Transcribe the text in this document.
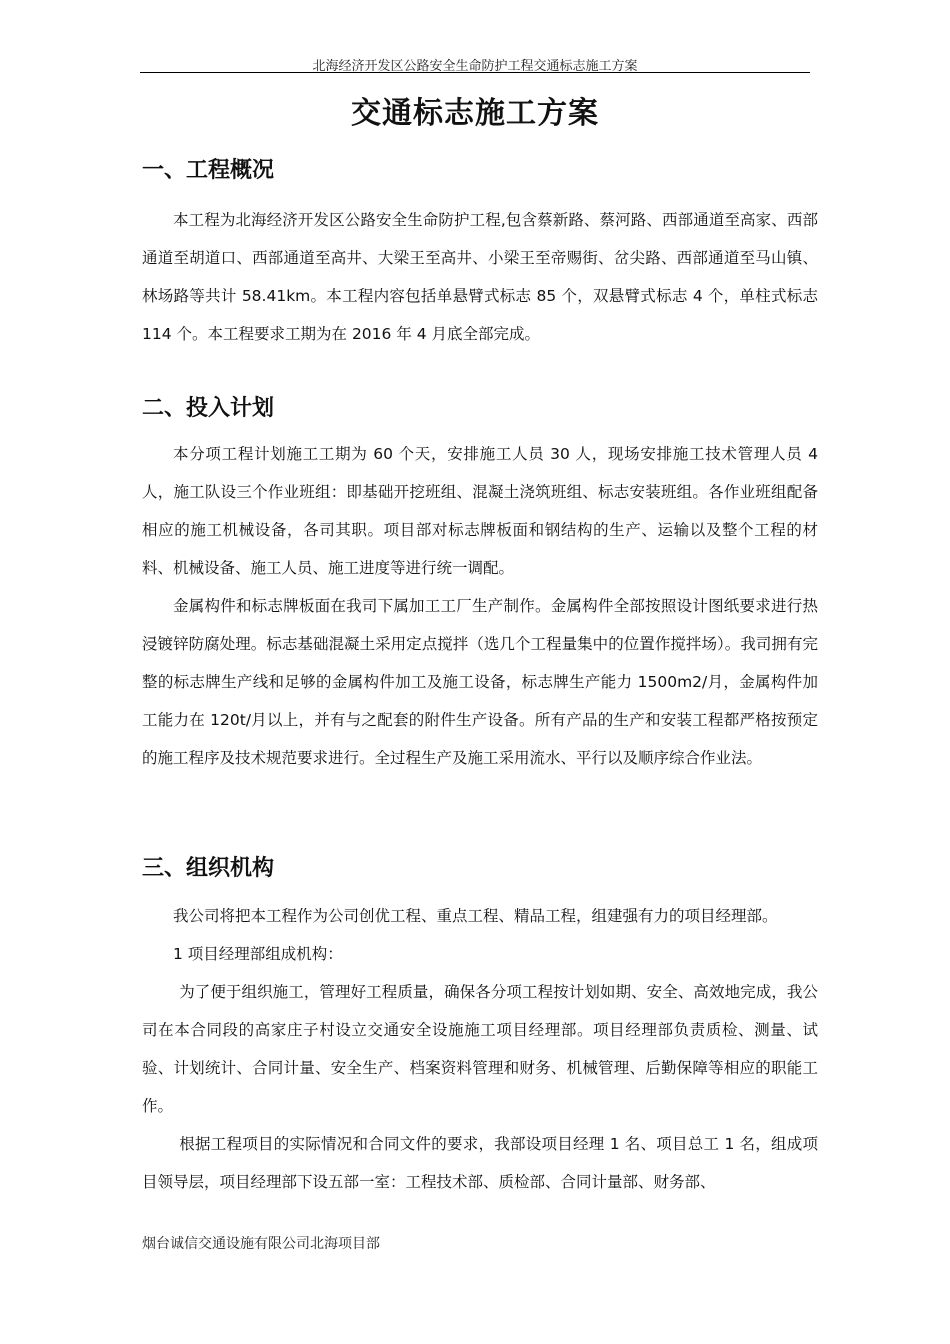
北海经济开发区公路安全生命防护工程交通标志施工方案
交通标志施工方案
一、工程概况

本工程为北海经济开发区公路安全生命防护工程,包含蔡新路、蔡河路、西部通道至高家、西部通道至胡道口、西部通道至高井、大梁王至高井、小梁王至帝赐街、岔尖路、西部通道至马山镇、林场路等共计 58.41km。本工程内容包括单悬臂式标志 85 个，双悬臂式标志 4 个，单柱式标志 114 个。本工程要求工期为在 2016 年 4 月底全部完成。

二、投入计划

本分项工程计划施工工期为 60 个天，安排施工人员 30 人，现场安排施工技术管理人员 4 人，施工队设三个作业班组：即基础开挖班组、混凝土浇筑班组、标志安装班组。各作业班组配备相应的施工机械设备，各司其职。项目部对标志牌板面和钢结构的生产、运输以及整个工程的材料、机械设备、施工人员、施工进度等进行统一调配。

金属构件和标志牌板面在我司下属加工工厂生产制作。金属构件全部按照设计图纸要求进行热浸镀锌防腐处理。标志基础混凝土采用定点搅拌（选几个工程量集中的位置作搅拌场）。我司拥有完整的标志牌生产线和足够的金属构件加工及施工设备，标志牌生产能力 1500m2/月，金属构件加工能力在 120t/月以上，并有与之配套的附件生产设备。所有产品的生产和安装工程都严格按预定的施工程序及技术规范要求进行。全过程生产及施工采用流水、平行以及顺序综合作业法。

三、组织机构

我公司将把本工程作为公司创优工程、重点工程、精品工程，组建强有力的项目经理部。

1 项目经理部组成机构：

为了便于组织施工，管理好工程质量，确保各分项工程按计划如期、安全、高效地完成，我公司在本合同段的高家庄子村设立交通安全设施施工项目经理部。项目经理部负责质检、测量、试验、计划统计、合同计量、安全生产、档案资料管理和财务、机械管理、后勤保障等相应的职能工作。

根据工程项目的实际情况和合同文件的要求，我部设项目经理 1 名、项目总工 1 名，组成项目领导层，项目经理部下设五部一室：工程技术部、质检部、合同计量部、财务部、

烟台诚信交通设施有限公司北海项目部
